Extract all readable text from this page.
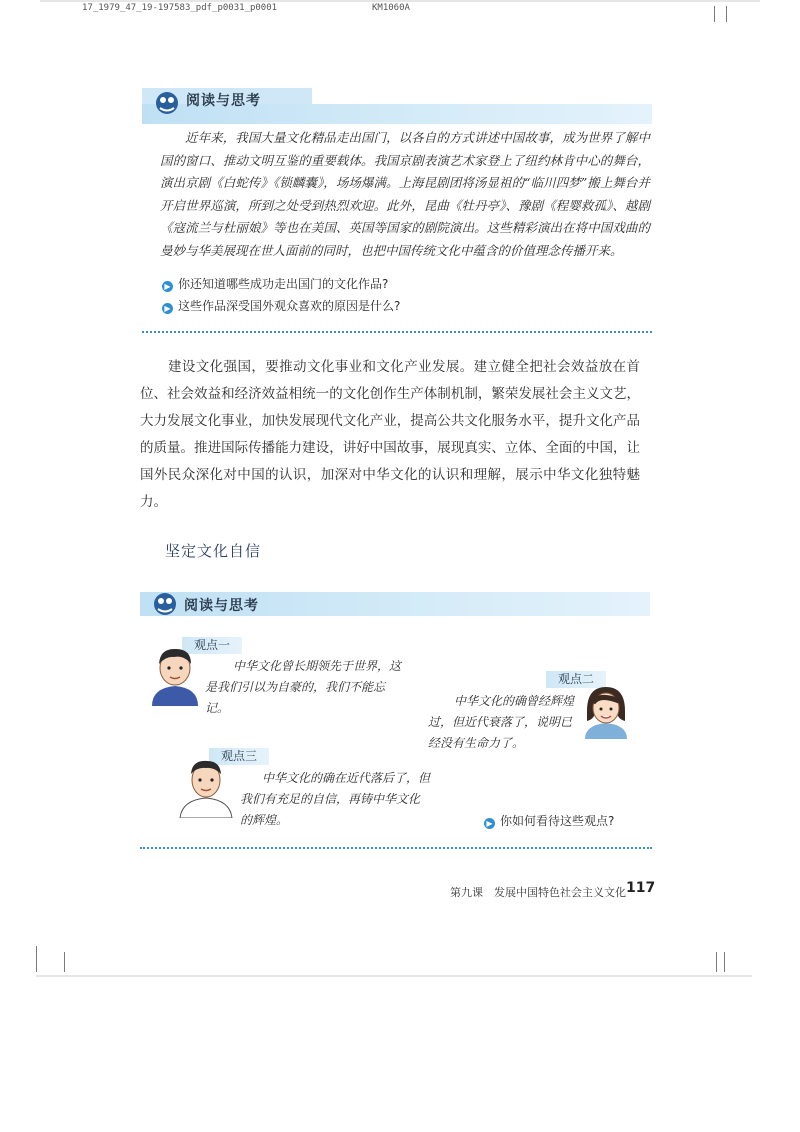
17_1979_47_19-197583_pdf_p0031_p0001	KM1060A
阅读与思考
近年来，我国大量文化精品走出国门，以各自的方式讲述中国故事，成为世界了解中国的窗口、推动文明互鉴的重要载体。我国京剧表演艺术家登上了纽约林肯中心的舞台，演出京剧《白蛇传》《锁麟囊》，场场爆满。上海昆剧团将汤显祖的“临川四梦”搬上舞台并开启世界巡演，所到之处受到热烈欢迎。此外，昆曲《牡丹亭》、豫剧《程婴救孤》、越剧《寇流兰与杜丽娘》等也在美国、英国等国家的剧院演出。这些精彩演出在将中国戏曲的曼妙与华美展现在世人面前的同时，也把中国传统文化中蕴含的价值理念传播开来。
▶ 你还知道哪些成功走出国门的文化作品?
▶ 这些作品深受国外观众喜欢的原因是什么?
建设文化强国，要推动文化事业和文化产业发展。建立健全把社会效益放在首位、社会效益和经济效益相统一的文化创作生产体制机制，繁荣发展社会主义文艺，大力发展文化事业，加快发展现代文化产业，提高公共文化服务水平，提升文化产品的质量。推进国际传播能力建设，讲好中国故事，展现真实、立体、全面的中国，让国外民众深化对中国的认识，加深对中华文化的认识和理解，展示中华文化独特魅力。
坚定文化自信
阅读与思考
观点一
中华文化曾长期领先于世界，这是我们引以为自豪的，我们不能忘记。
观点二
中华文化的确曾经辉煌过，但近代衰落了，说明已经没有生命力了。
观点三
中华文化的确在近代落后了，但我们有充足的自信，再铸中华文化的辉煌。	▶ 你如何看待这些观点?
第九课　发展中国特色社会主义文化 117
